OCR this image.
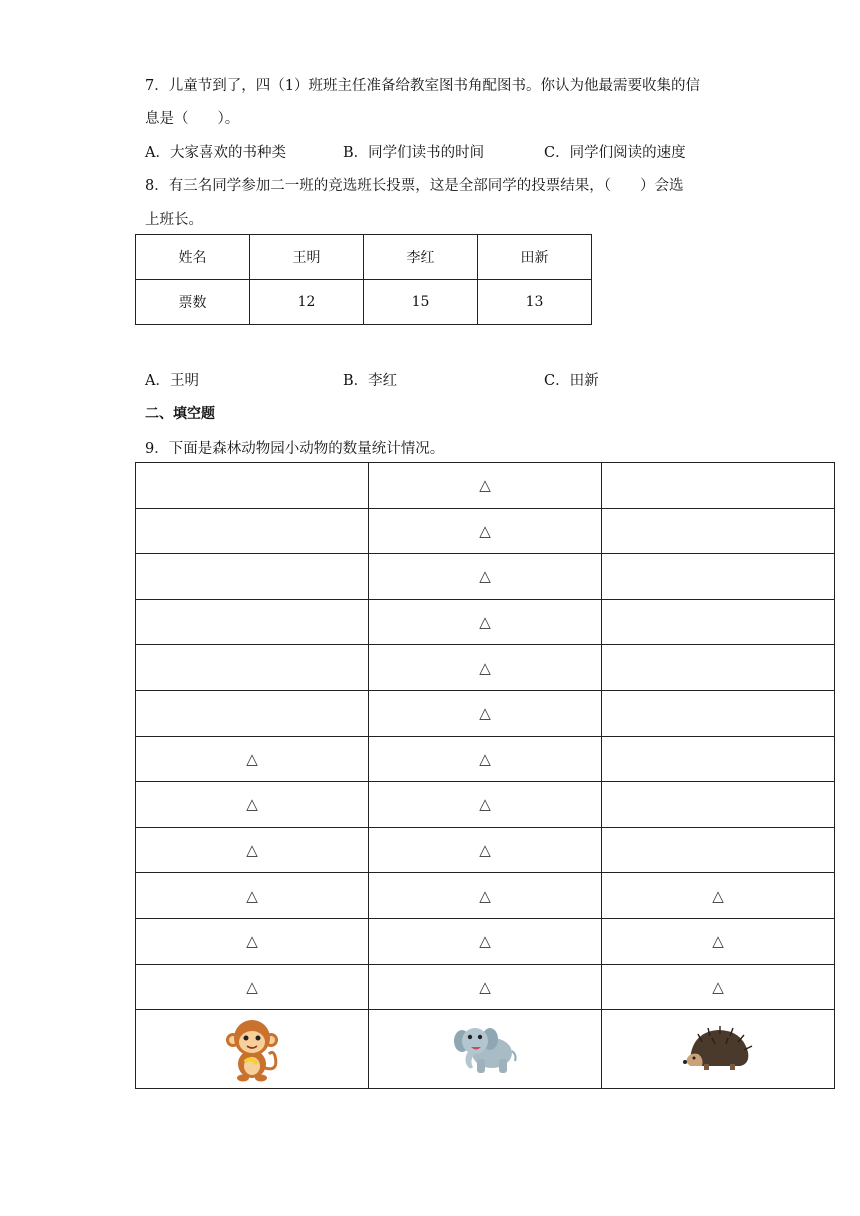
7．儿童节到了，四（1）班班主任准备给教室图书角配图书。你认为他最需要收集的信
息是（　　）。
A．大家喜欢的书种类	B．同学们读书的时间	C．同学们阅读的速度
8．有三名同学参加二一班的竞选班长投票，这是全部同学的投票结果，（　　）会选
上班长。
姓名	王明	李红	田新
票数	12	15	13
A．王明	B．李红	C．田新
二、填空题
9．下面是森林动物园小动物的数量统计情况。
	△	
	△	
	△	
	△	
	△	
	△	
△	△	
△	△	
△	△	
△	△	△
△	△	△
△	△	△
